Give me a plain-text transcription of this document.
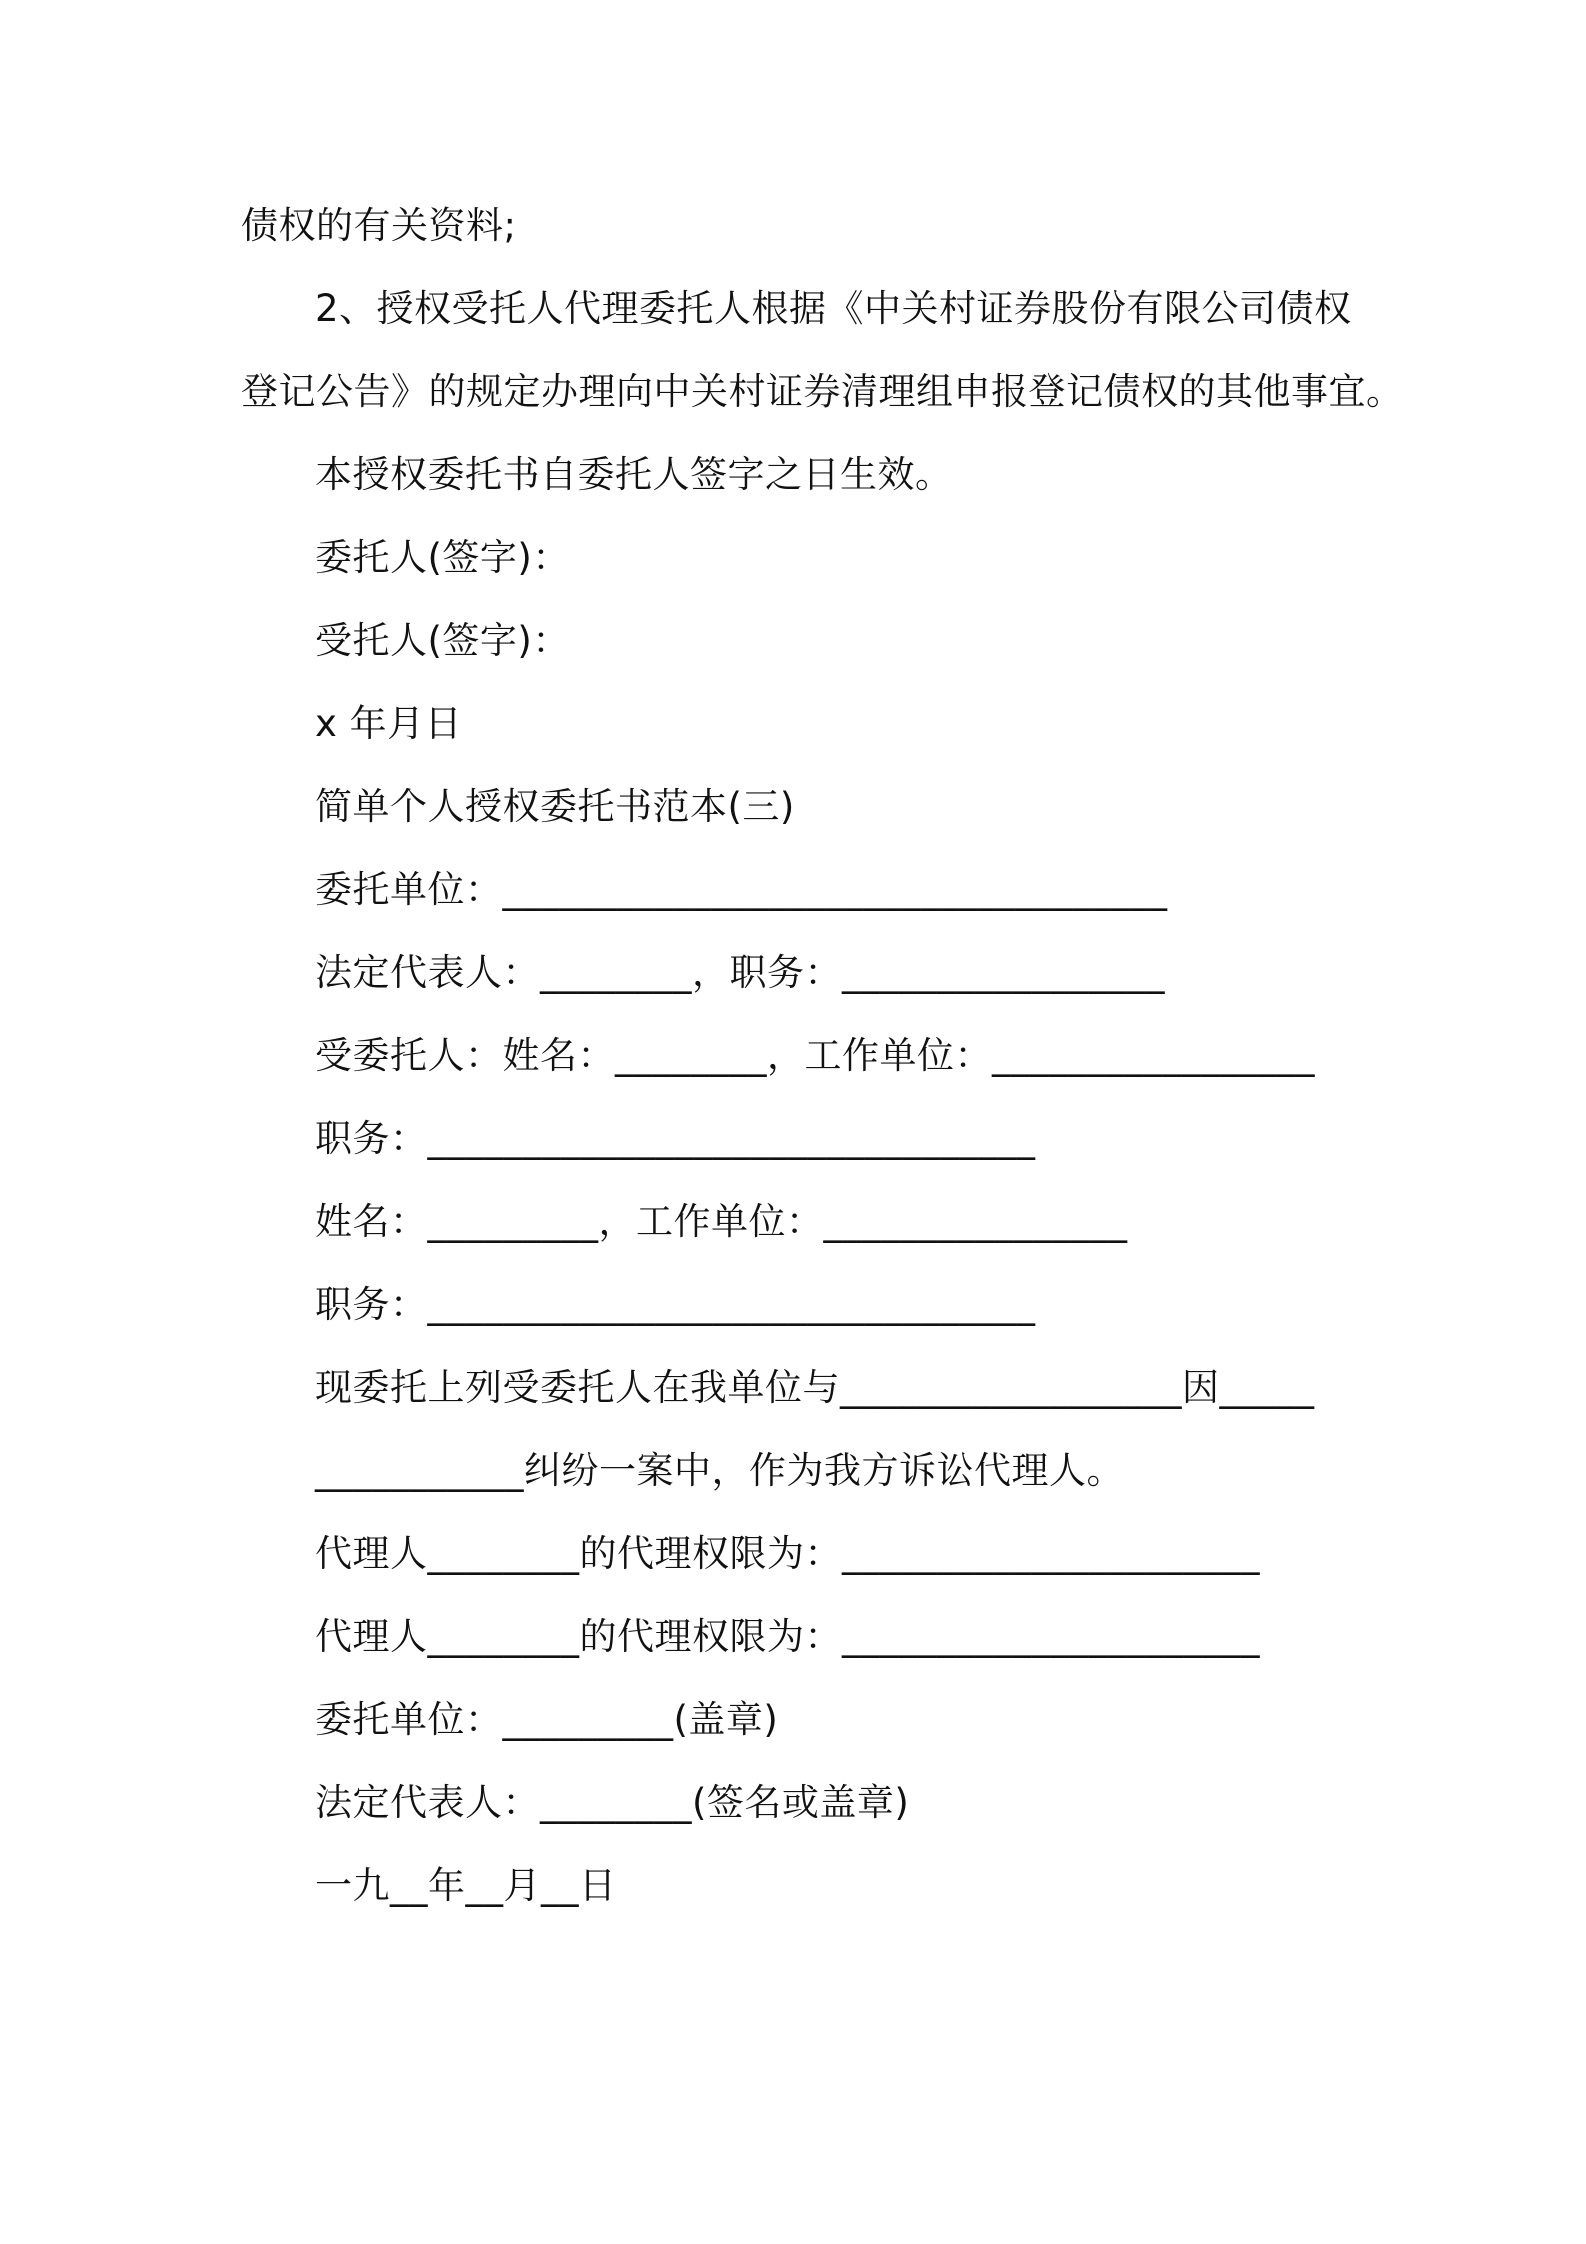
债权的有关资料;

2、授权受托人代理委托人根据《中关村证券股份有限公司债权

登记公告》的规定办理向中关村证券清理组申报登记债权的其他事宜。

本授权委托书自委托人签字之日生效。

委托人(签字)：

受托人(签字)：

x 年月日

简单个人授权委托书范本(三)

委托单位：___________________________________

法定代表人：________，职务：_________________

受委托人：姓名：________，工作单位：_________________

职务：________________________________

姓名：_________，工作单位：________________

职务：________________________________

现委托上列受委托人在我单位与__________________因_____

___________纠纷一案中，作为我方诉讼代理人。

代理人________的代理权限为：______________________

代理人________的代理权限为：______________________

委托单位：_________(盖章)

法定代表人：________(签名或盖章)

一九__年__月__日
